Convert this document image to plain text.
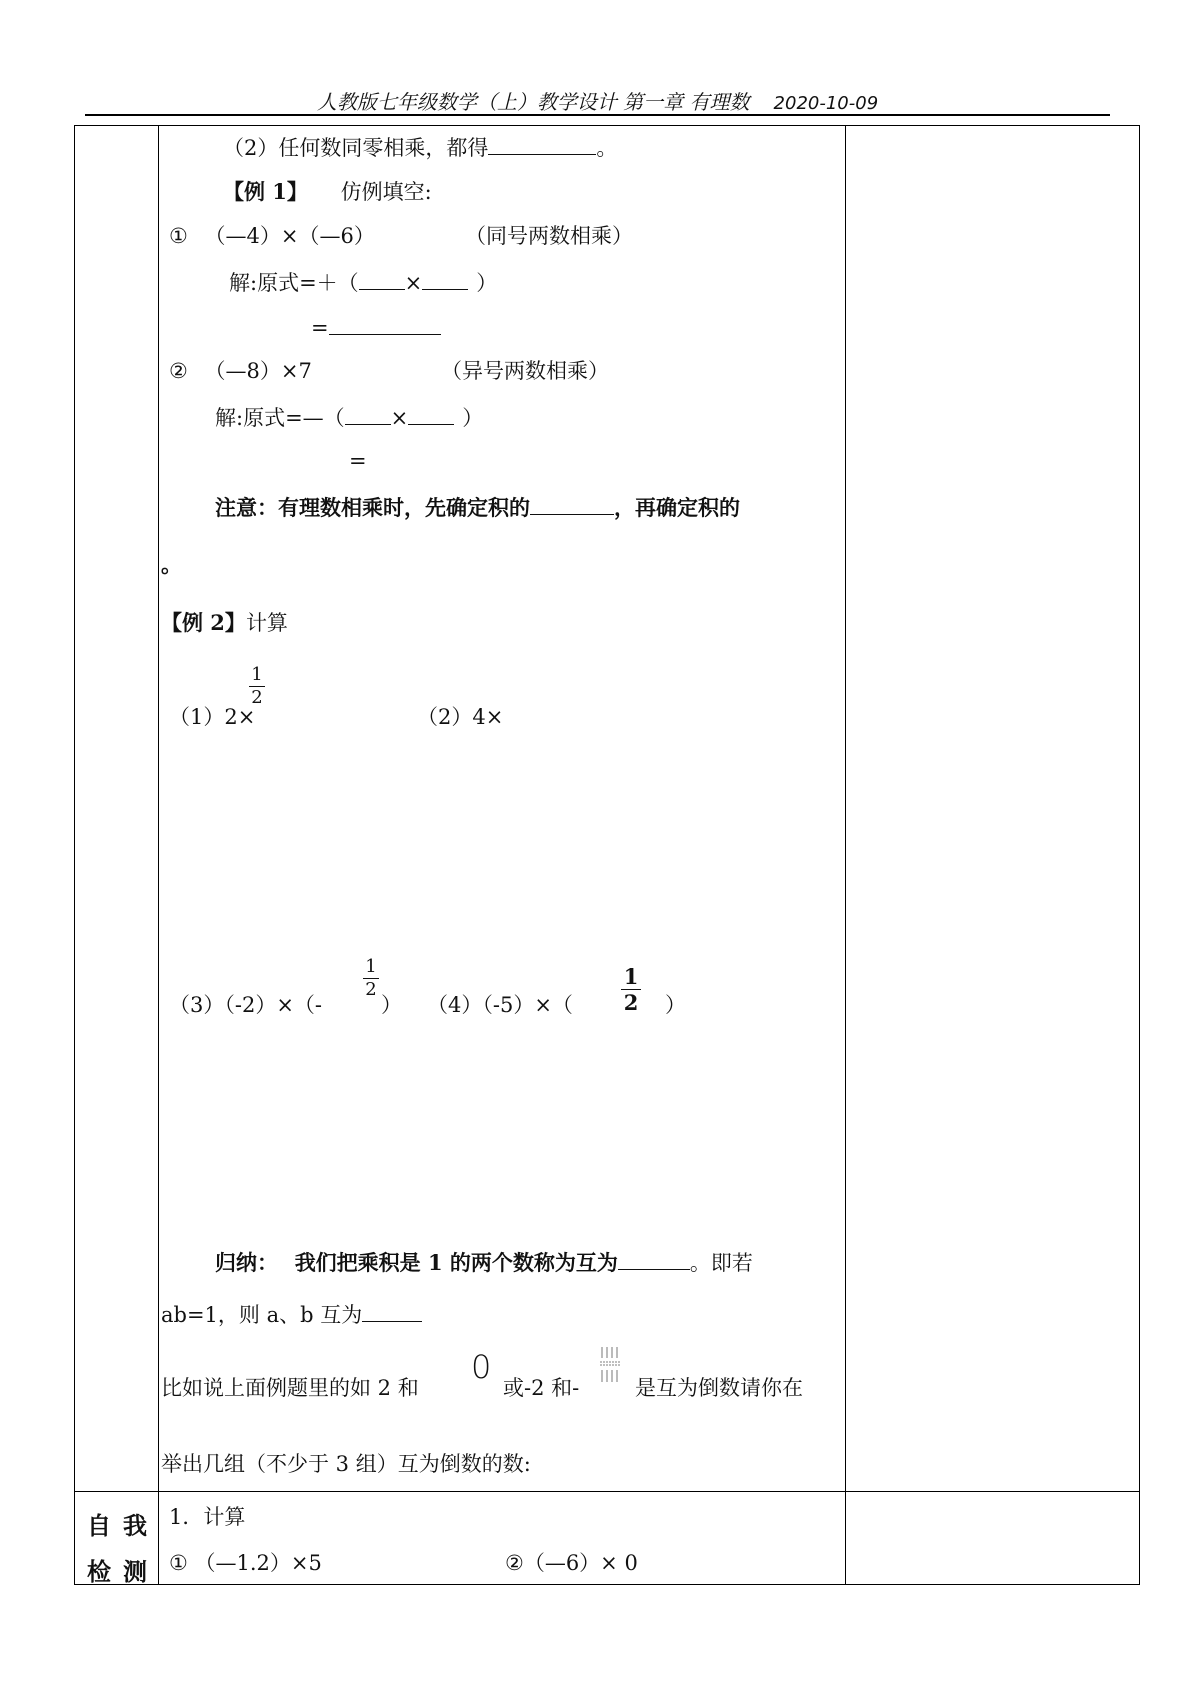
人教版七年级数学（上）教学设计 第一章 有理数 2020-10-09
（2）任何数同零相乘，都得	。
【例 1】 仿例填空:
① （—4）×（—6）	（同号两数相乘）
解:原式=＋（ ×	）
=
② （—8）×7	（异号两数相乘）
解:原式=—（ ×	）
=
注意：有理数相乘时，先确定积的	，再确定积的
。
【例 2】计算
（1）2×
1
2
（2）4×
（3）（-2）×（-
1
2
） （4）（-5）×（
1
2 ）
归纳： 我们把乘积是 1 的两个数称为互为	。即若
ab=1，则 a、b 互为
比如说上面例题里的如 2 和
0
或-2 和-	是互为倒数请你在
举出几组（不少于 3 组）互为倒数的数:
自我
检测
1．计算
① （—1.2）×5	②（—6）× 0
